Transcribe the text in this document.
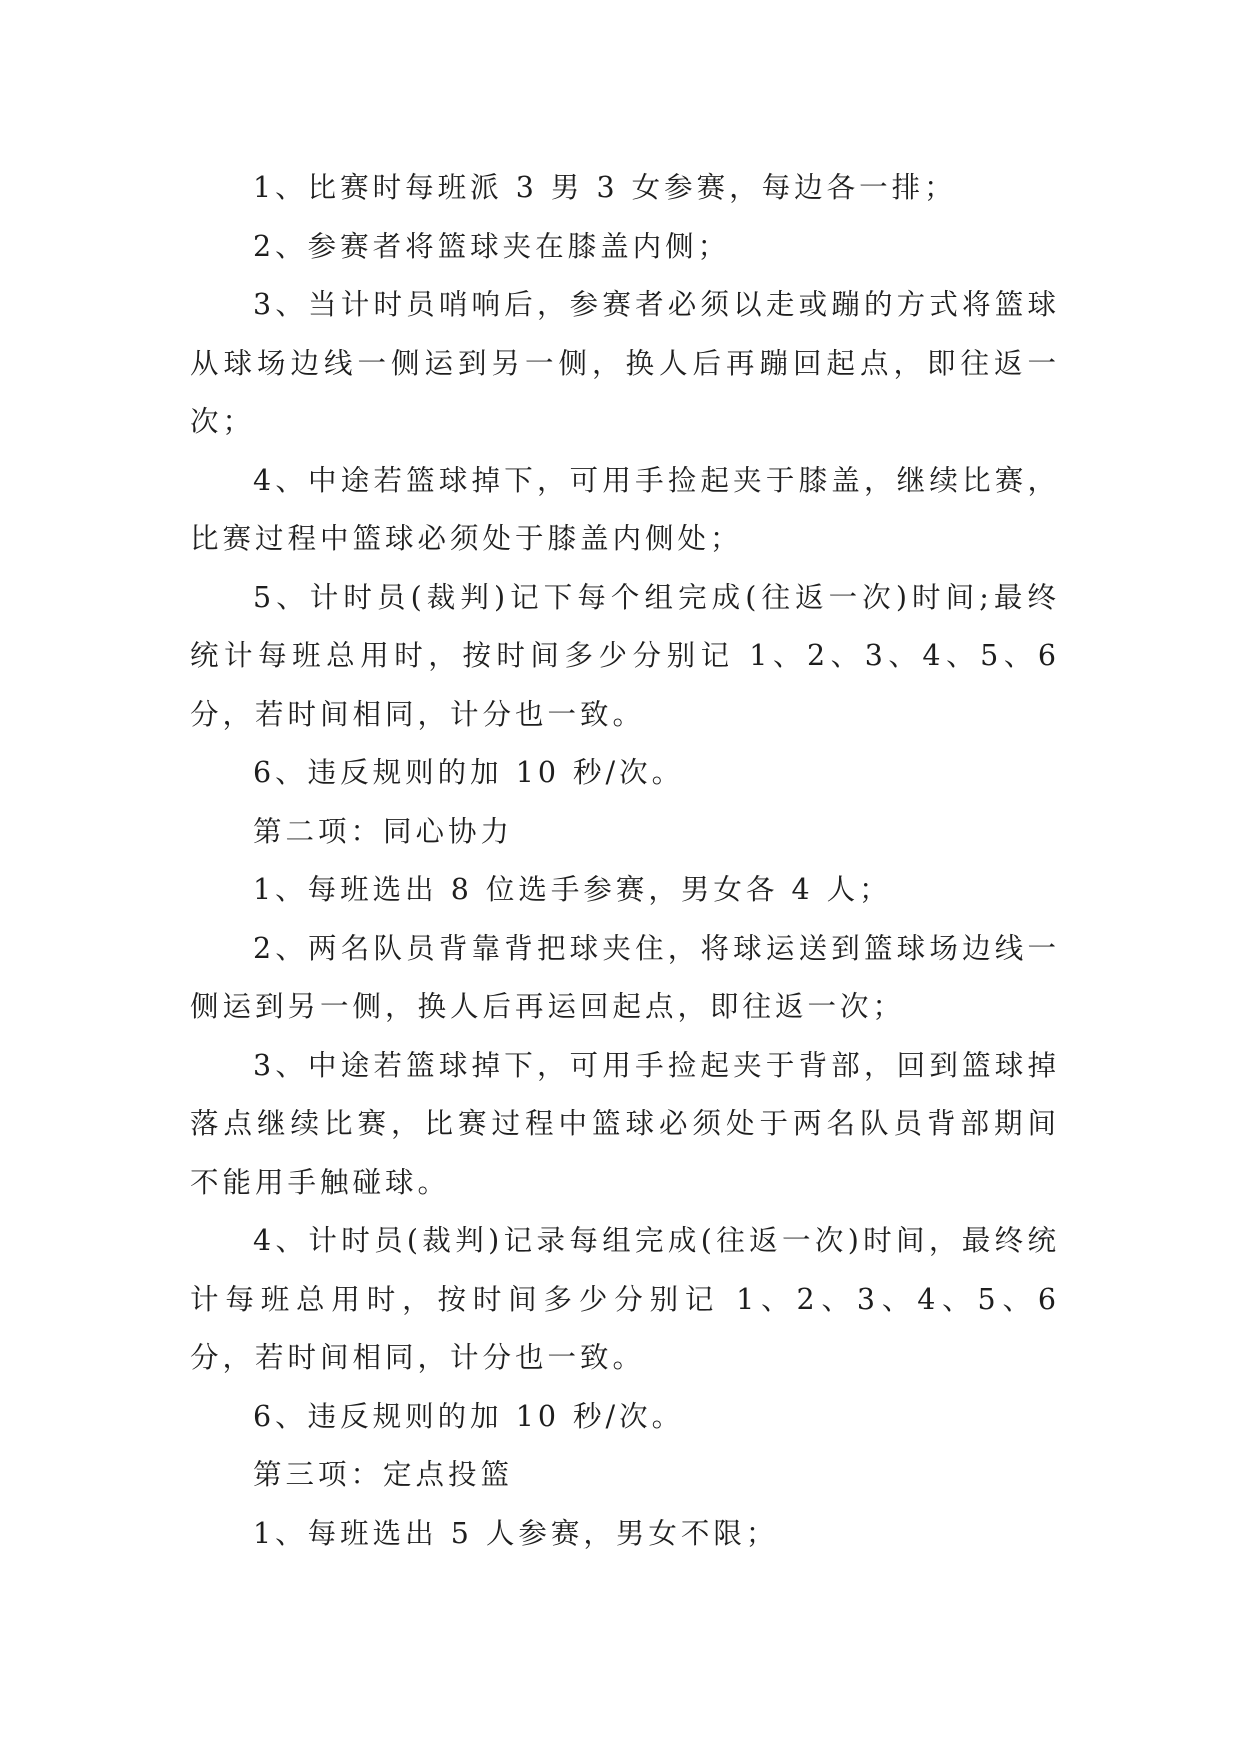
1、比赛时每班派 3 男 3 女参赛，每边各一排；

2、参赛者将篮球夹在膝盖内侧；

3、当计时员哨响后，参赛者必须以走或蹦的方式将篮球从球场边线一侧运到另一侧，换人后再蹦回起点，即往返一次；

4、中途若篮球掉下，可用手捡起夹于膝盖，继续比赛，比赛过程中篮球必须处于膝盖内侧处；

5、计时员(裁判)记下每个组完成(往返一次)时间;最终统计每班总用时，按时间多少分别记 1、2、3、4、5、6 分，若时间相同，计分也一致。

6、违反规则的加 10 秒/次。

第二项：同心协力

1、每班选出 8 位选手参赛，男女各 4 人；

2、两名队员背靠背把球夹住，将球运送到篮球场边线一侧运到另一侧，换人后再运回起点，即往返一次；

3、中途若篮球掉下，可用手捡起夹于背部，回到篮球掉落点继续比赛，比赛过程中篮球必须处于两名队员背部期间不能用手触碰球。

4、计时员(裁判)记录每组完成(往返一次)时间，最终统计每班总用时，按时间多少分别记 1、2、3、4、5、6 分，若时间相同，计分也一致。

6、违反规则的加 10 秒/次。

第三项：定点投篮

1、每班选出 5 人参赛，男女不限；
